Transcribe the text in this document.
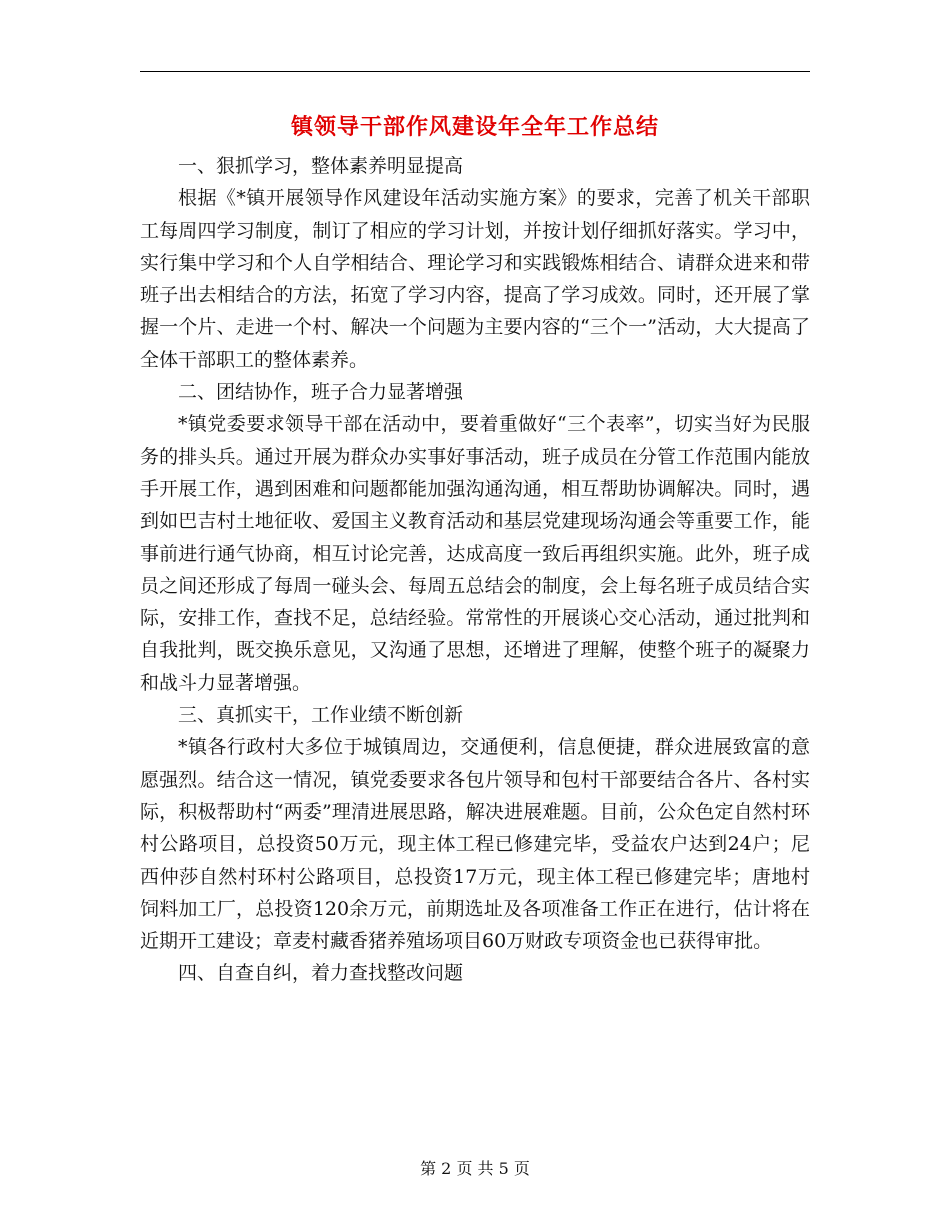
镇领导干部作风建设年全年工作总结

一、狠抓学习，整体素养明显提高

根据《*镇开展领导作风建设年活动实施方案》的要求，完善了机关干部职工每周四学习制度，制订了相应的学习计划，并按计划仔细抓好落实。学习中，实行集中学习和个人自学相结合、理论学习和实践锻炼相结合、请群众进来和带班子出去相结合的方法，拓宽了学习内容，提高了学习成效。同时，还开展了掌握一个片、走进一个村、解决一个问题为主要内容的“三个一”活动，大大提高了全体干部职工的整体素养。

二、团结协作，班子合力显著增强

*镇党委要求领导干部在活动中，要着重做好“三个表率”，切实当好为民服务的排头兵。通过开展为群众办实事好事活动，班子成员在分管工作范围内能放手开展工作，遇到困难和问题都能加强沟通沟通，相互帮助协调解决。同时，遇到如巴吉村土地征收、爱国主义教育活动和基层党建现场沟通会等重要工作，能事前进行通气协商，相互讨论完善，达成高度一致后再组织实施。此外，班子成员之间还形成了每周一碰头会、每周五总结会的制度，会上每名班子成员结合实际，安排工作，查找不足，总结经验。常常性的开展谈心交心活动，通过批判和自我批判，既交换乐意见，又沟通了思想，还增进了理解，使整个班子的凝聚力和战斗力显著增强。

三、真抓实干，工作业绩不断创新

*镇各行政村大多位于城镇周边，交通便利，信息便捷，群众进展致富的意愿强烈。结合这一情况，镇党委要求各包片领导和包村干部要结合各片、各村实际，积极帮助村“两委”理清进展思路，解决进展难题。目前，公众色定自然村环村公路项目，总投资50万元，现主体工程已修建完毕，受益农户达到24户；尼西仲莎自然村环村公路项目，总投资17万元，现主体工程已修建完毕；唐地村饲料加工厂，总投资120余万元，前期选址及各项准备工作正在进行，估计将在近期开工建设；章麦村藏香猪养殖场项目60万财政专项资金也已获得审批。

四、自查自纠，着力查找整改问题

第 2 页 共 5 页
